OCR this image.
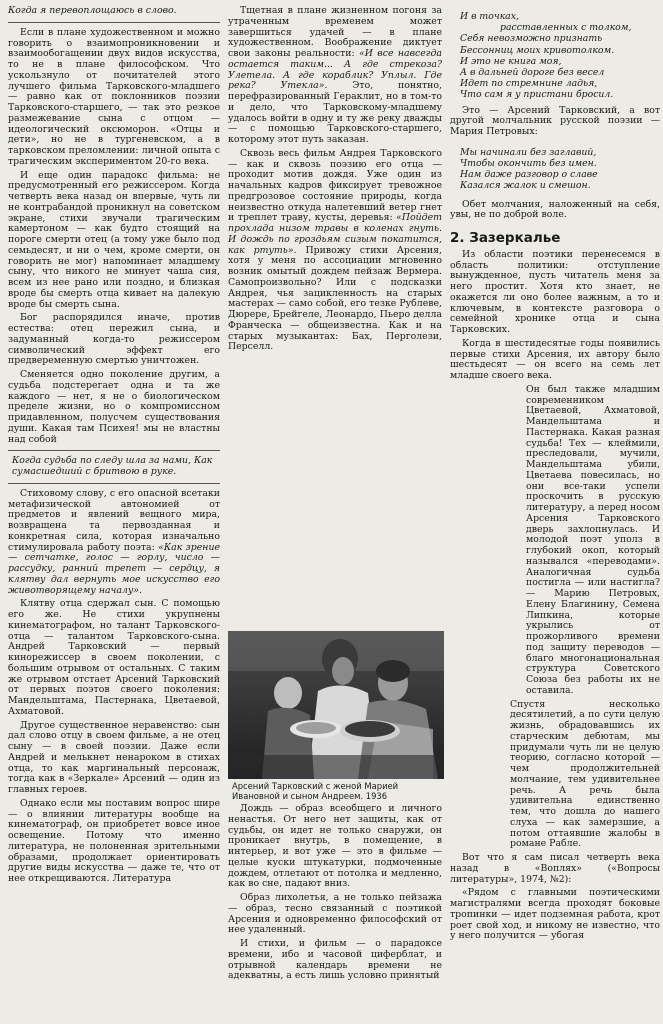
Когда я перевоплощаюсь в слово.

Если в плане художественном и можно говорить о взаимопроникновении и взаимообогащении двух видов искусства, то не в плане философском. Что уcкользнуло от почитателей этого лучшего фильма Тарковского-младшего — равно как от поклонников поэзии Тарковского-старшего, — так это резкое размежевание сына с отцом — идеологический оксюморон. «Отцы и дети», но не в тургеневском, а в тарковском преломлении: личной опыта с трагическим экспериментом 20-го века.

И еще один парадокс фильма: не предусмотренный его режиссером. Когда четверть века назад он впервые, чуть ли не контрабандой проникнул на советском экране, стихи звучали трагическим камертоном — как будто стоящий на пороге смерти отец (а тому уже было под семьдесят, и ни о чем, кроме смерти, он говорить не мог) напоминает младшему сыну, что никого не минует чаша сия, всем из нее рано или поздно, и близкая вроде бы смерть отца кивает на далекую вроде бы смерть сына.

Бог распорядился иначе, против естества: отец пережил сына, и задуманный когда-то режиссером символический эффект его предвеременную смертью уничтожен.

Сменяется одно поколение другим, а судьба подстерегает одна и та же каждого — нет, я не о биологическом пределе жизни, но о компромиссном придавленном, полусчем существования души. Какая там Психея! мы не властны над собой

Когда судьба по следу шла за нами, Как сумасшедший с бритвою в руке.

Стиховому слову, с его опасной всетаки метафизической автономией от предметов и явлений вещного мира, возвращена та первозданная и конкретная сила, которая изначально стимулировала работу поэта: «Как зрение — сетчатке, голос — горлу, число — рассудку, ранний трепет — сердцу, я клятву дал вернуть мое искусство его животворящему началу».

Клятву отца сдержал сын. С помощью его же. Не стихи укрупнены кинематографом, но талант Тарковского-отца — талантом Тарковского-сына. Андрей Тарковский — первый кинорежиссер в своем поколении, с большим отрывом от остальных. С таким же отрывом отстает Арсений Тарковский от первых поэтов своего поколения: Мандельштама, Пастернака, Цветаевой, Ахматовой.

Другое существенное неравенство: сын дал слово отцу в своем фильме, а не отец сыну — в своей поэзии. Даже если Андрей и мелькнет ненароком в стихах отца, то как маргинальный персонаж, тогда как в «Зеркале» Арсений — один из главных героев.

Однако если мы поставим вопрос шире — о влиянии литературы вообще на кинематограф, он приобретет вовсе иное освещение. Потому что именно литература, не полоненная зрительными образами, продолжает ориентировать другие виды искусства — даже те, что от нее открещиваются. Литература

Тщетная в плане жизненном погоня за утраченным временем может завершиться удачей — в плане художественном. Воображение диктует свои законы реальности: «И все навсегда остается таким... А где стрекоза? Улетела. А где кораблик? Уплыл. Где река? Утекла». Это, понятно, перефразированный Гераклит, но в том-то и дело, что Тарковскому-младшему удалось войти в одну и ту же реку дважды — с помощью Тарковского-старшего, которому этот путь заказан.

Сквозь весь фильм Андрея Тарковского — как и сквозь поэзию его отца — проходит мотив дождя. Уже один из начальных кадров фиксирует тревожное предгрозовое состояние природы, когда неизвестно откуда налетевший ветер гнет и треплет траву, кусты, деревья: «Пойдет прохлада низом травы в коленах гнуть. И дождь по гроздьям сизым покатится, как ртуть». Привожу стихи Арсения, хотя у меня по ассоциации мгновенно возник омытый дождем пейзаж Вермера. Самопроизвольно? Или с подсказки Андрея, чья зацикленность на старых мастерах — само собой, его тезке Рублеве, Дюрере, Брейгеле, Леонардо, Пьеро делла Франческа — общеизвестна. Как и на старых музыкантах: Бах, Перголези, Перселл.

Арсений Тарковский с женой Марией Ивановной и сыном Андреем. 1936

Дождь — образ всеобщего и личного ненастья. От него нет защиты, как от судьбы, он идет не только снаружи, он проникает внутрь, в помещение, в интерьер, и вот уже — это в фильме — целые куски штукатурки, подмоченные дождем, отлетают от потолка и медленно, как во сне, падают вниз.

Образ лихолетья, а не только пейзажа — образ, тесно связанный с поэтикой Арсения и одновременно философский от нее удаленный.

И стихи, и фильм — о парадоксе времени, ибо и часовой циферблат, и отрывной календарь времени не адекватны, а есть лишь условно принятый

И в точках,
расставленных с толком,
Себя невозможно признать
Бессонниц моих кривотолком.
И это не книга моя,
А в дальней дороге без весел
Идет по стремнине ладья,
Что сам я у пристани бросил.

Это — Арсений Тарковский, а вот другой молчальник русской поэзии — Мария Петровых:

Мы начинали без заглавий,
Чтобы окончить без имен.
Нам даже разговор о славе
Казался жалок и смешон.

Обет молчания, наложенный на себя, увы, не по доброй воле.

2. Зазеркалье

Из области поэтики перенесемся в область политики: отступление вынужденное, пусть читатель меня за него простит. Хотя кто знает, не окажется ли оно более важным, а то и ключевым, в контексте разговора о семейной хронике отца и сына Тарковских.

Когда в шестидесятые годы появились первые стихи Арсения, их автору было шестьдесят — он всего на семь лет младше своего века.

Он был также младшим современником Цветаевой, Ахматовой, Мандельштама и Пастернака. Какая разная судьба! Тех — клеймили, преследовали, мучили, Мандельштама убили, Цветаева повесилась, но они все-таки успели проскочить в русскую литературу, а перед носом Арсения Тарковского дверь захлопнулась. И молодой поэт уполз в глубокий окоп, который назывался «переводами». Аналогичная судьба постигла — или настигла? — Марию Петровых, Елену Благинину, Семена Липкина, которые укрылись от прожорливого времени под защиту переводов — благо многонациональная структура Советского Союза без работы их не оставила.

Спустя несколько десятилетий, а по сути целую жизнь, обрадовавшись их старческим дебютам, мы придумали чуть ли не целую теорию, согласно которой — чем продолжительней молчание, тем удивительнее речь. А речь была удивительна единственно тем, что дошла до нашего слуха — как замерзшие, а потом оттаявшие жалобы в романе Рабле.

Вот что я сам писал четверть века назад в «Воплях» («Вопросы литературы», 1974, №2):

«Рядом с главными поэтическими магистралями всегда проходят боковые тропинки — идет подземная работа, крот роет свой ход, и никому не известно, что у него получится — убогая
